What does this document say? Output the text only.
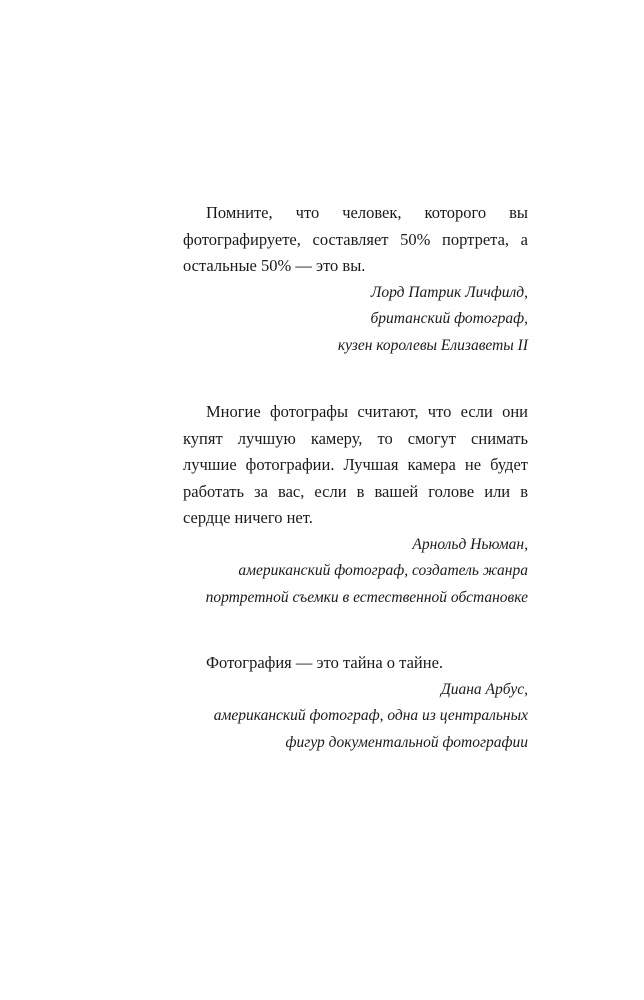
Помните, что человек, которого вы фотографируете, составляет 50% портрета, а остальные 50% — это вы.

Лорд Патрик Личфилд,
британский фотограф,
кузен королевы Елизаветы II

Многие фотографы считают, что если они купят лучшую камеру, то смогут снимать лучшие фотографии. Лучшая камера не будет работать за вас, если в вашей голове или в сердце ничего нет.

Арнольд Ньюман,
американский фотограф, создатель жанра
портретной съемки в естественной обстановке

Фотография — это тайна о тайне.

Диана Арбус,
американский фотограф, одна из центральных
фигур документальной фотографии
